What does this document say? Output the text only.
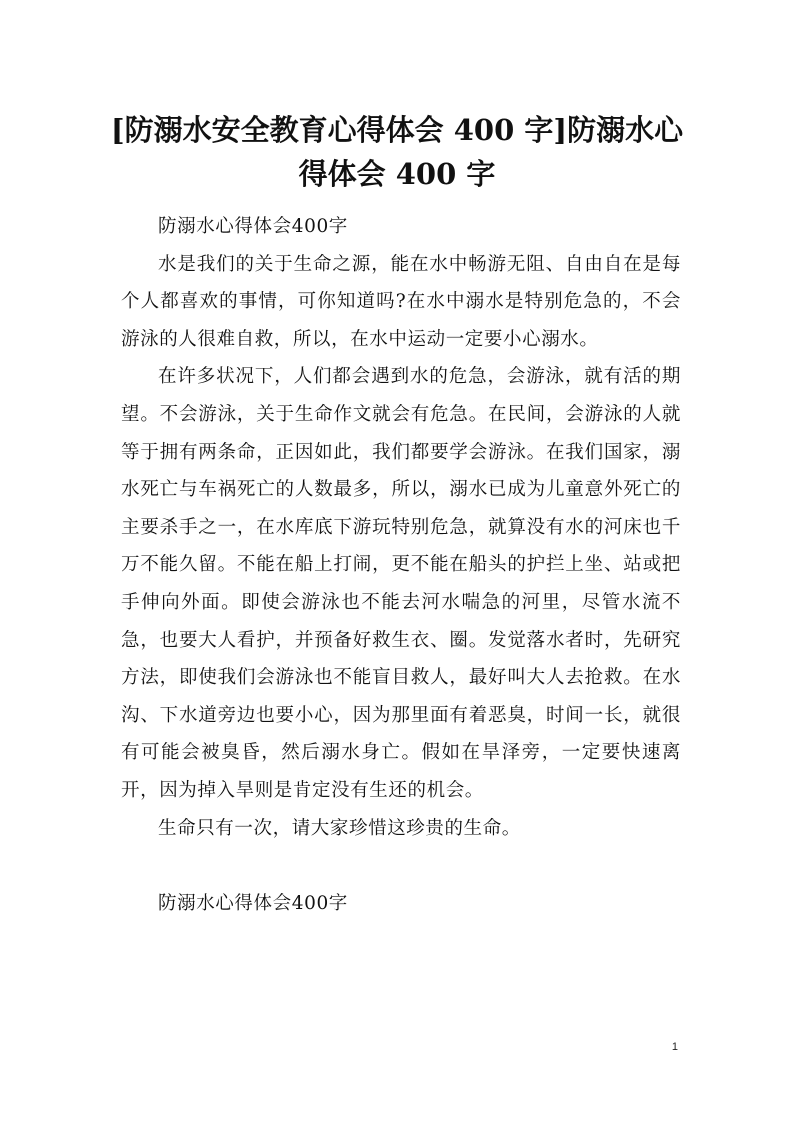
[防溺水安全教育心得体会 400 字]防溺水心
得体会 400 字

防溺水心得体会400字

水是我们的关于生命之源，能在水中畅游无阻、自由自在是每个人都喜欢的事情，可你知道吗?在水中溺水是特别危急的，不会游泳的人很难自救，所以，在水中运动一定要小心溺水。

在许多状况下，人们都会遇到水的危急，会游泳，就有活的期望。不会游泳，关于生命作文就会有危急。在民间，会游泳的人就等于拥有两条命，正因如此，我们都要学会游泳。在我们国家，溺水死亡与车祸死亡的人数最多，所以，溺水已成为儿童意外死亡的主要杀手之一，在水库底下游玩特别危急，就算没有水的河床也千万不能久留。不能在船上打闹，更不能在船头的护拦上坐、站或把手伸向外面。即使会游泳也不能去河水喘急的河里，尽管水流不急，也要大人看护，并预备好救生衣、圈。发觉落水者时，先研究方法，即使我们会游泳也不能盲目救人，最好叫大人去抢救。在水沟、下水道旁边也要小心，因为那里面有着恶臭，时间一长，就很有可能会被臭昏，然后溺水身亡。假如在旱泽旁，一定要快速离开，因为掉入旱则是肯定没有生还的机会。

生命只有一次，请大家珍惜这珍贵的生命。

防溺水心得体会400字

1
